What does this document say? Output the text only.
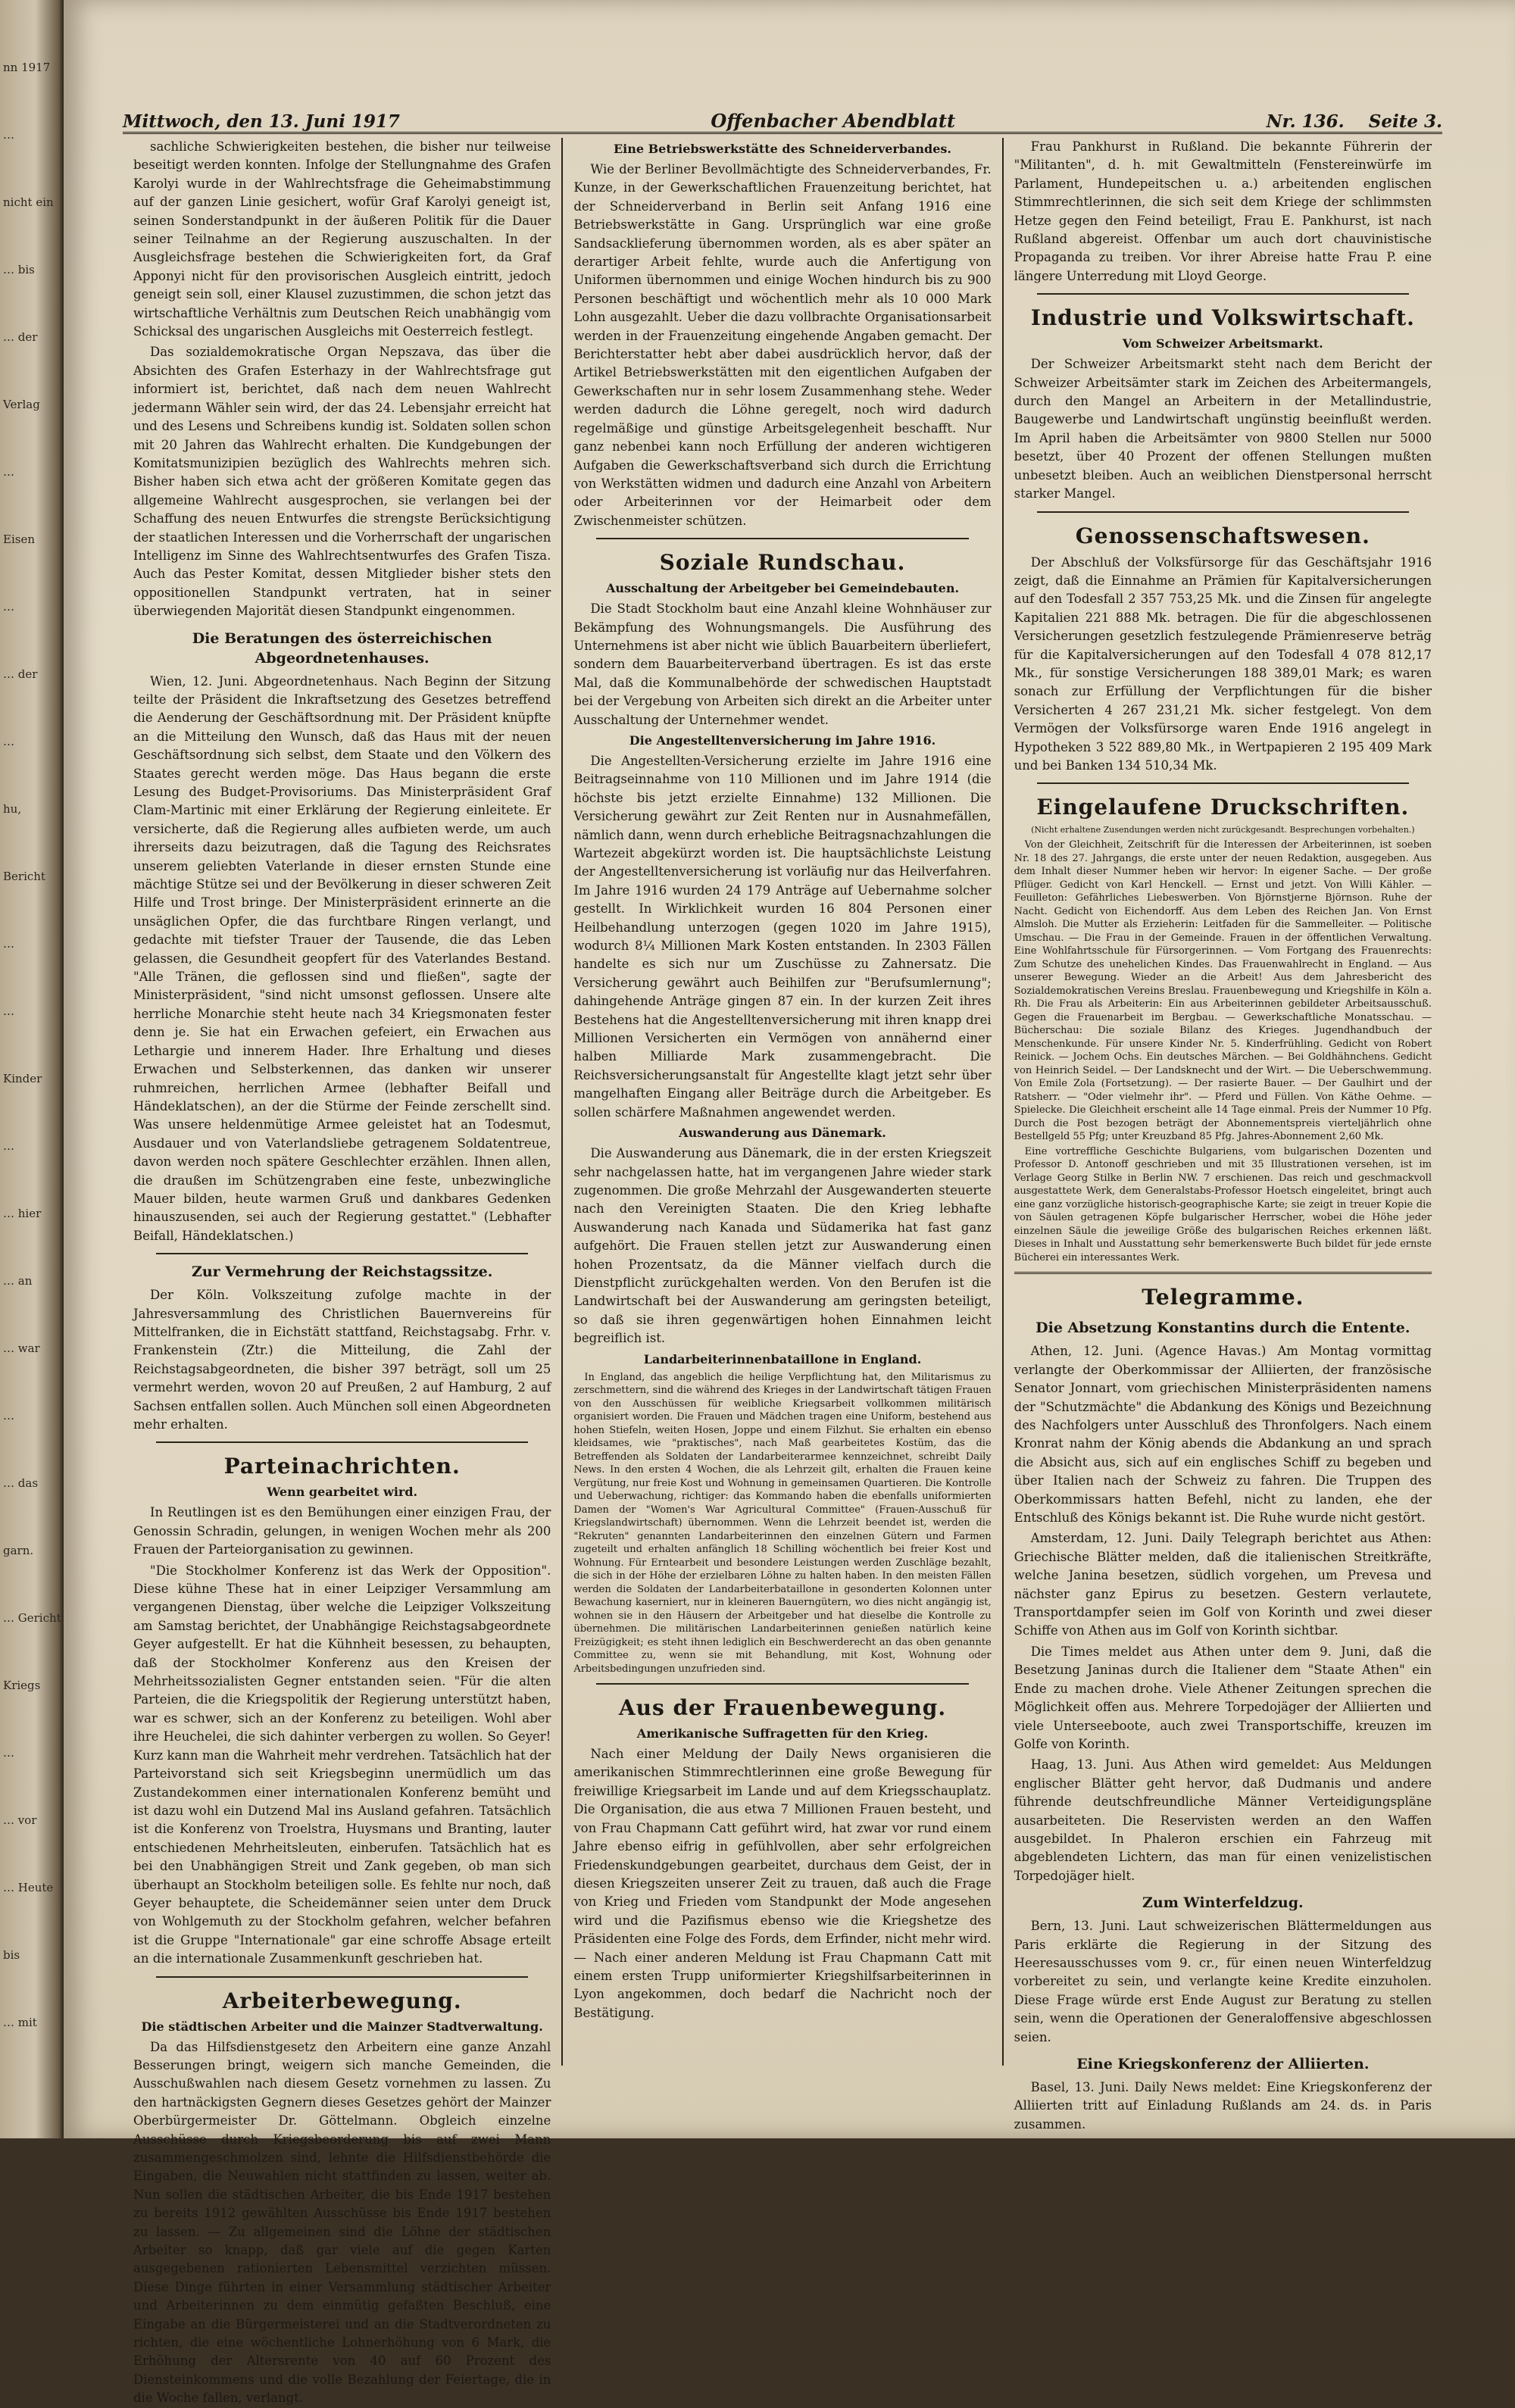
nn 1917
…
nicht ein
… bis
… der
Verlag
…
Eisen
…
… der
…
hu,
Bericht
…
…
Kinder
…
… hier
… an
… war
…
… das
garn.
… Gericht
Kriegs
…
… vor
… Heute
bis
… mit
Mittwoch, den 13. Juni 1917	Offenbacher Abendblatt	Nr. 136. Seite 3.

sachliche Schwierigkeiten bestehen, die bisher nur teilweise beseitigt werden konnten. Infolge der Stellungnahme des Grafen Karolyi wurde in der Wahlrechtsfrage die Geheimabstimmung auf der ganzen Linie gesichert, wofür Graf Karolyi geneigt ist, seinen Sonderstandpunkt in der äußeren Politik für die Dauer seiner Teilnahme an der Regierung auszuschalten. In der Ausgleichsfrage bestehen die Schwierigkeiten fort, da Graf Apponyi nicht für den provisorischen Ausgleich eintritt, jedoch geneigt sein soll, einer Klausel zuzustimmen, die schon jetzt das wirtschaftliche Verhältnis zum Deutschen Reich unabhängig vom Schicksal des ungarischen Ausgleichs mit Oesterreich festlegt.

Das sozialdemokratische Organ Nepszava, das über die Absichten des Grafen Esterhazy in der Wahlrechtsfrage gut informiert ist, berichtet, daß nach dem neuen Wahlrecht jedermann Wähler sein wird, der das 24. Lebensjahr erreicht hat und des Lesens und Schreibens kundig ist. Soldaten sollen schon mit 20 Jahren das Wahlrecht erhalten. Die Kundgebungen der Komitatsmunizipien bezüglich des Wahlrechts mehren sich. Bisher haben sich etwa acht der größeren Komitate gegen das allgemeine Wahlrecht ausgesprochen, sie verlangen bei der Schaffung des neuen Entwurfes die strengste Berücksichtigung der staatlichen Interessen und die Vorherrschaft der ungarischen Intelligenz im Sinne des Wahlrechtsentwurfes des Grafen Tisza. Auch das Pester Komitat, dessen Mitglieder bisher stets den oppositionellen Standpunkt vertraten, hat in seiner überwiegenden Majorität diesen Standpunkt eingenommen.

Die Beratungen des österreichischen Abgeordnetenhauses.

Wien, 12. Juni. Abgeordnetenhaus. Nach Beginn der Sitzung teilte der Präsident die Inkraftsetzung des Gesetzes betreffend die Aenderung der Geschäftsordnung mit. Der Präsident knüpfte an die Mitteilung den Wunsch, daß das Haus mit der neuen Geschäftsordnung sich selbst, dem Staate und den Völkern des Staates gerecht werden möge. Das Haus begann die erste Lesung des Budget-Provisoriums. Das Ministerpräsident Graf Clam-Martinic mit einer Erklärung der Regierung einleitete. Er versicherte, daß die Regierung alles aufbieten werde, um auch ihrerseits dazu beizutragen, daß die Tagung des Reichsrates unserem geliebten Vaterlande in dieser ernsten Stunde eine mächtige Stütze sei und der Bevölkerung in dieser schweren Zeit Hilfe und Trost bringe. Der Ministerpräsident erinnerte an die unsäglichen Opfer, die das furchtbare Ringen verlangt, und gedachte mit tiefster Trauer der Tausende, die das Leben gelassen, die Gesundheit geopfert für des Vaterlandes Bestand. "Alle Tränen, die geflossen sind und fließen", sagte der Ministerpräsident, "sind nicht umsonst geflossen. Unsere alte herrliche Monarchie steht heute nach 34 Kriegsmonaten fester denn je. Sie hat ein Erwachen gefeiert, ein Erwachen aus Lethargie und innerem Hader. Ihre Erhaltung und dieses Erwachen und Selbsterkennen, das danken wir unserer ruhmreichen, herrlichen Armee (lebhafter Beifall und Händeklatschen), an der die Stürme der Feinde zerschellt sind. Was unsere heldenmütige Armee geleistet hat an Todesmut, Ausdauer und von Vaterlandsliebe getragenem Soldatentreue, davon werden noch spätere Geschlechter erzählen. Ihnen allen, die draußen im Schützengraben eine feste, unbezwingliche Mauer bilden, heute warmen Gruß und dankbares Gedenken hinauszusenden, sei auch der Regierung gestattet." (Lebhafter Beifall, Händeklatschen.)

Zur Vermehrung der Reichstagssitze.

Der Köln. Volkszeitung zufolge machte in der Jahresversammlung des Christlichen Bauernvereins für Mittelfranken, die in Eichstätt stattfand, Reichstagsabg. Frhr. v. Frankenstein (Ztr.) die Mitteilung, die Zahl der Reichstagsabgeordneten, die bisher 397 beträgt, soll um 25 vermehrt werden, wovon 20 auf Preußen, 2 auf Hamburg, 2 auf Sachsen entfallen sollen. Auch München soll einen Abgeordneten mehr erhalten.

Parteinachrichten.
Wenn gearbeitet wird.

In Reutlingen ist es den Bemühungen einer einzigen Frau, der Genossin Schradin, gelungen, in wenigen Wochen mehr als 200 Frauen der Parteiorganisation zu gewinnen.

"Die Stockholmer Konferenz ist das Werk der Opposition". Diese kühne These hat in einer Leipziger Versammlung am vergangenen Dienstag, über welche die Leipziger Volkszeitung am Samstag berichtet, der Unabhängige Reichstagsabgeordnete Geyer aufgestellt. Er hat die Kühnheit besessen, zu behaupten, daß der Stockholmer Konferenz aus den Kreisen der Mehrheitssozialisten Gegner entstanden seien. "Für die alten Parteien, die die Kriegspolitik der Regierung unterstützt haben, war es schwer, sich an der Konferenz zu beteiligen. Wohl aber ihre Heuchelei, die sich dahinter verbergen zu wollen. So Geyer! Kurz kann man die Wahrheit mehr verdrehen. Tatsächlich hat der Parteivorstand sich seit Kriegsbeginn unermüdlich um das Zustandekommen einer internationalen Konferenz bemüht und ist dazu wohl ein Dutzend Mal ins Ausland gefahren. Tatsächlich ist die Konferenz von Troelstra, Huysmans und Branting, lauter entschiedenen Mehrheitsleuten, einberufen. Tatsächlich hat es bei den Unabhängigen Streit und Zank gegeben, ob man sich überhaupt an Stockholm beteiligen solle. Es fehlte nur noch, daß Geyer behauptete, die Scheidemänner seien unter dem Druck von Wohlgemuth zu der Stockholm gefahren, welcher befahren ist die Gruppe "Internationale" gar eine schroffe Absage erteilt an die internationale Zusammenkunft geschrieben hat.

Arbeiterbewegung.
Die städtischen Arbeiter und die Mainzer Stadtverwaltung.

Da das Hilfsdienstgesetz den Arbeitern eine ganze Anzahl Besserungen bringt, weigern sich manche Gemeinden, die Ausschußwahlen nach diesem Gesetz vornehmen zu lassen. Zu den hartnäckigsten Gegnern dieses Gesetzes gehört der Mainzer Oberbürgermeister Dr. Göttelmann. Obgleich einzelne Ausschüsse durch Kriegsbeorderung bis auf zwei Mann zusammengeschmolzen sind, lehnte die Hilfsdienstbehörde die Eingaben, die Neuwahlen nicht stattfinden zu lassen, weiter ab. Nun sollen die städtischen Arbeiter, die bis Ende 1917 bestehen zu bereits 1912 gewählten Ausschüsse bis Ende 1917 bestehen zu lassen. — Zu allgemeinen sind die Löhne der städtischen Arbeiter so knapp, daß gar viele auf die gegen Karten ausgegebenen rationierten Lebensmittel verzichten müssen. Diese Dinge führten in einer Versammlung städtischer Arbeiter und Arbeiterinnen zu dem einmütig gefaßten Beschluß, eine Eingabe an die Bürgermeisterei und an die Stadtverordneten zu richten, die eine wöchentliche Lohnerhöhung von 6 Mark, die Erhöhung der Altersrente von 40 auf 60 Prozent des Diensteinkommens und die volle Bezahlung der Feiertage, die in die Woche fallen, verlangt.

Eine Betriebswerkstätte des Schneiderverbandes.

Wie der Berliner Bevollmächtigte des Schneiderverbandes, Fr. Kunze, in der Gewerkschaftlichen Frauenzeitung berichtet, hat der Schneiderverband in Berlin seit Anfang 1916 eine Betriebswerkstätte in Gang. Ursprünglich war eine große Sandsacklieferung übernommen worden, als es aber später an derartiger Arbeit fehlte, wurde auch die Anfertigung von Uniformen übernommen und einige Wochen hindurch bis zu 900 Personen beschäftigt und wöchentlich mehr als 10 000 Mark Lohn ausgezahlt. Ueber die dazu vollbrachte Organisationsarbeit werden in der Frauenzeitung eingehende Angaben gemacht. Der Berichterstatter hebt aber dabei ausdrücklich hervor, daß der Artikel Betriebswerkstätten mit den eigentlichen Aufgaben der Gewerkschaften nur in sehr losem Zusammenhang stehe. Weder werden dadurch die Löhne geregelt, noch wird dadurch regelmäßige und günstige Arbeitsgelegenheit beschafft. Nur ganz nebenbei kann noch Erfüllung der anderen wichtigeren Aufgaben die Gewerkschaftsverband sich durch die Errichtung von Werkstätten widmen und dadurch eine Anzahl von Arbeitern oder Arbeiterinnen vor der Heimarbeit oder dem Zwischenmeister schützen.

Soziale Rundschau.
Ausschaltung der Arbeitgeber bei Gemeindebauten.

Die Stadt Stockholm baut eine Anzahl kleine Wohnhäuser zur Bekämpfung des Wohnungsmangels. Die Ausführung des Unternehmens ist aber nicht wie üblich Bauarbeitern überliefert, sondern dem Bauarbeiterverband übertragen. Es ist das erste Mal, daß die Kommunalbehörde der schwedischen Hauptstadt bei der Vergebung von Arbeiten sich direkt an die Arbeiter unter Ausschaltung der Unternehmer wendet.

Die Angestelltenversicherung im Jahre 1916.

Die Angestellten-Versicherung erzielte im Jahre 1916 eine Beitragseinnahme von 110 Millionen und im Jahre 1914 (die höchste bis jetzt erzielte Einnahme) 132 Millionen. Die Versicherung gewährt zur Zeit Renten nur in Ausnahmefällen, nämlich dann, wenn durch erhebliche Beitragsnachzahlungen die Wartezeit abgekürzt worden ist. Die hauptsächlichste Leistung der Angestelltenversicherung ist vorläufig nur das Heilverfahren. Im Jahre 1916 wurden 24 179 Anträge auf Uebernahme solcher gestellt. In Wirklichkeit wurden 16 804 Personen einer Heilbehandlung unterzogen (gegen 1020 im Jahre 1915), wodurch 8¼ Millionen Mark Kosten entstanden. In 2303 Fällen handelte es sich nur um Zuschüsse zu Zahnersatz. Die Versicherung gewährt auch Beihilfen zur "Berufsumlernung"; dahingehende Anträge gingen 87 ein. In der kurzen Zeit ihres Bestehens hat die Angestelltenversicherung mit ihren knapp drei Millionen Versicherten ein Vermögen von annähernd einer halben Milliarde Mark zusammengebracht. Die Reichsversicherungsanstalt für Angestellte klagt jetzt sehr über mangelhaften Eingang aller Beiträge durch die Arbeitgeber. Es sollen schärfere Maßnahmen angewendet werden.

Auswanderung aus Dänemark.

Die Auswanderung aus Dänemark, die in der ersten Kriegszeit sehr nachgelassen hatte, hat im vergangenen Jahre wieder stark zugenommen. Die große Mehrzahl der Ausgewanderten steuerte nach den Vereinigten Staaten. Die den Krieg lebhafte Auswanderung nach Kanada und Südamerika hat fast ganz aufgehört. Die Frauen stellen jetzt zur Auswanderung einen hohen Prozentsatz, da die Männer vielfach durch die Dienstpflicht zurückgehalten werden. Von den Berufen ist die Landwirtschaft bei der Auswanderung am geringsten beteiligt, so daß sie ihren gegenwärtigen hohen Einnahmen leicht begreiflich ist.

Landarbeiterinnenbataillone in England.

In England, das angeblich die heilige Verpflichtung hat, den Militarismus zu zerschmettern, sind die während des Krieges in der Landwirtschaft tätigen Frauen von den Ausschüssen für weibliche Kriegsarbeit vollkommen militärisch organisiert worden. Die Frauen und Mädchen tragen eine Uniform, bestehend aus hohen Stiefeln, weiten Hosen, Joppe und einem Filzhut. Sie erhalten ein ebenso kleidsames, wie "praktisches", nach Maß gearbeitetes Kostüm, das die Betreffenden als Soldaten der Landarbeiterarmee kennzeichnet, schreibt Daily News. In den ersten 4 Wochen, die als Lehrzeit gilt, erhalten die Frauen keine Vergütung, nur freie Kost und Wohnung in gemeinsamen Quartieren. Die Kontrolle und Ueberwachung, richtiger: das Kommando haben die ebenfalls uniformierten Damen der "Women's War Agricultural Committee" (Frauen-Ausschuß für Kriegslandwirtschaft) übernommen. Wenn die Lehrzeit beendet ist, werden die "Rekruten" genannten Landarbeiterinnen den einzelnen Gütern und Farmen zugeteilt und erhalten anfänglich 18 Schilling wöchentlich bei freier Kost und Wohnung. Für Erntearbeit und besondere Leistungen werden Zuschläge bezahlt, die sich in der Höhe der erzielbaren Löhne zu halten haben. In den meisten Fällen werden die Soldaten der Landarbeiterbataillone in gesonderten Kolonnen unter Bewachung kaserniert, nur in kleineren Bauerngütern, wo dies nicht angängig ist, wohnen sie in den Häusern der Arbeitgeber und hat dieselbe die Kontrolle zu übernehmen. Die militärischen Landarbeiterinnen genießen natürlich keine Freizügigkeit; es steht ihnen lediglich ein Beschwerderecht an das oben genannte Committee zu, wenn sie mit Behandlung, mit Kost, Wohnung oder Arbeitsbedingungen unzufrieden sind.

Aus der Frauenbewegung.
Amerikanische Suffragetten für den Krieg.

Nach einer Meldung der Daily News organisieren die amerikanischen Stimmrechtlerinnen eine große Bewegung für freiwillige Kriegsarbeit im Lande und auf dem Kriegsschauplatz. Die Organisation, die aus etwa 7 Millionen Frauen besteht, und von Frau Chapmann Catt geführt wird, hat zwar vor rund einem Jahre ebenso eifrig in gefühlvollen, aber sehr erfolgreichen Friedenskundgebungen gearbeitet, durchaus dem Geist, der in diesen Kriegszeiten unserer Zeit zu trauen, daß auch die Frage von Krieg und Frieden vom Standpunkt der Mode angesehen wird und die Pazifismus ebenso wie die Kriegshetze des Präsidenten eine Folge des Fords, dem Erfinder, nicht mehr wird. — Nach einer anderen Meldung ist Frau Chapmann Catt mit einem ersten Trupp uniformierter Kriegshilfsarbeiterinnen in Lyon angekommen, doch bedarf die Nachricht noch der Bestätigung.

Frau Pankhurst in Rußland. Die bekannte Führerin der "Militanten", d. h. mit Gewaltmitteln (Fenstereinwürfe im Parlament, Hundepeitschen u. a.) arbeitenden englischen Stimmrechtlerinnen, die sich seit dem Kriege der schlimmsten Hetze gegen den Feind beteiligt, Frau E. Pankhurst, ist nach Rußland abgereist. Offenbar um auch dort chauvinistische Propaganda zu treiben. Vor ihrer Abreise hatte Frau P. eine längere Unterredung mit Lloyd George.

Industrie und Volkswirtschaft.
Vom Schweizer Arbeitsmarkt.

Der Schweizer Arbeitsmarkt steht nach dem Bericht der Schweizer Arbeitsämter stark im Zeichen des Arbeitermangels, durch den Mangel an Arbeitern in der Metallindustrie, Baugewerbe und Landwirtschaft ungünstig beeinflußt werden. Im April haben die Arbeitsämter von 9800 Stellen nur 5000 besetzt, über 40 Prozent der offenen Stellungen mußten unbesetzt bleiben. Auch an weiblichen Dienstpersonal herrscht starker Mangel.

Genossenschaftswesen.

Der Abschluß der Volksfürsorge für das Geschäftsjahr 1916 zeigt, daß die Einnahme an Prämien für Kapitalversicherungen auf den Todesfall 2 357 753,25 Mk. und die Zinsen für angelegte Kapitalien 221 888 Mk. betragen. Die für die abgeschlossenen Versicherungen gesetzlich festzulegende Prämienreserve beträg für die Kapitalversicherungen auf den Todesfall 4 078 812,17 Mk., für sonstige Versicherungen 188 389,01 Mark; es waren sonach zur Erfüllung der Verpflichtungen für die bisher Versicherten 4 267 231,21 Mk. sicher festgelegt. Von dem Vermögen der Volksfürsorge waren Ende 1916 angelegt in Hypotheken 3 522 889,80 Mk., in Wertpapieren 2 195 409 Mark und bei Banken 134 510,34 Mk.

Eingelaufene Druckschriften.
(Nicht erhaltene Zusendungen werden nicht zurückgesandt. Besprechungen vorbehalten.)

Von der Gleichheit, Zeitschrift für die Interessen der Arbeiterinnen, ist soeben Nr. 18 des 27. Jahrgangs, die erste unter der neuen Redaktion, ausgegeben. Aus dem Inhalt dieser Nummer heben wir hervor: In eigener Sache. — Der große Pflüger. Gedicht von Karl Henckell. — Ernst und jetzt. Von Willi Kähler. — Feuilleton: Gefährliches Liebeswerben. Von Björnstjerne Björnson. Ruhe der Nacht. Gedicht von Eichendorff. Aus dem Leben des Reichen Jan. Von Ernst Almsloh. Die Mutter als Erzieherin: Leitfaden für die Sammelleiter. — Politische Umschau. — Die Frau in der Gemeinde. Frauen in der öffentlichen Verwaltung. Eine Wohlfahrtsschule für Fürsorgerinnen. — Vom Fortgang des Frauenrechts: Zum Schutze des unehelichen Kindes. Das Frauenwahlrecht in England. — Aus unserer Bewegung. Wieder an die Arbeit! Aus dem Jahresbericht des Sozialdemokratischen Vereins Breslau. Frauenbewegung und Kriegshilfe in Köln a. Rh. Die Frau als Arbeiterin: Ein aus Arbeiterinnen gebildeter Arbeitsausschuß. Gegen die Frauenarbeit im Bergbau. — Gewerkschaftliche Monatsschau. — Bücherschau: Die soziale Bilanz des Krieges. Jugendhandbuch der Menschenkunde. Für unsere Kinder Nr. 5. Kinderfrühling. Gedicht von Robert Reinick. — Jochem Ochs. Ein deutsches Märchen. — Bei Goldhähnchens. Gedicht von Heinrich Seidel. — Der Landsknecht und der Wirt. — Die Ueberschwemmung. Von Emile Zola (Fortsetzung). — Der rasierte Bauer. — Der Gaulhirt und der Ratsherr. — "Oder vielmehr ihr". — Pferd und Füllen. Von Käthe Oehme. — Spielecke. Die Gleichheit erscheint alle 14 Tage einmal. Preis der Nummer 10 Pfg. Durch die Post bezogen beträgt der Abonnementspreis vierteljährlich ohne Bestellgeld 55 Pfg; unter Kreuzband 85 Pfg. Jahres-Abonnement 2,60 Mk.

Eine vortreffliche Geschichte Bulgariens, vom bulgarischen Dozenten und Professor D. Antonoff geschrieben und mit 35 Illustrationen versehen, ist im Verlage Georg Stilke in Berlin NW. 7 erschienen. Das reich und geschmackvoll ausgestattete Werk, dem Generalstabs-Professor Hoetsch eingeleitet, bringt auch eine ganz vorzügliche historisch-geographische Karte; sie zeigt in treuer Kopie die von Säulen getragenen Köpfe bulgarischer Herrscher, wobei die Höhe jeder einzelnen Säule die jeweilige Größe des bulgarischen Reiches erkennen läßt. Dieses in Inhalt und Ausstattung sehr bemerkenswerte Buch bildet für jede ernste Bücherei ein interessantes Werk.

Telegramme.
Die Absetzung Konstantins durch die Entente.

Athen, 12. Juni. (Agence Havas.) Am Montag vormittag verlangte der Oberkommissar der Alliierten, der französische Senator Jonnart, vom griechischen Ministerpräsidenten namens der "Schutzmächte" die Abdankung des Königs und Bezeichnung des Nachfolgers unter Ausschluß des Thronfolgers. Nach einem Kronrat nahm der König abends die Abdankung an und sprach die Absicht aus, sich auf ein englisches Schiff zu begeben und über Italien nach der Schweiz zu fahren. Die Truppen des Oberkommissars hatten Befehl, nicht zu landen, ehe der Entschluß des Königs bekannt ist. Die Ruhe wurde nicht gestört.

Amsterdam, 12. Juni. Daily Telegraph berichtet aus Athen: Griechische Blätter melden, daß die italienischen Streitkräfte, welche Janina besetzen, südlich vorgehen, um Prevesa und nächster ganz Epirus zu besetzen. Gestern verlautete, Transportdampfer seien im Golf von Korinth und zwei dieser Schiffe von Athen aus im Golf von Korinth sichtbar.

Die Times meldet aus Athen unter dem 9. Juni, daß die Besetzung Janinas durch die Italiener dem "Staate Athen" ein Ende zu machen drohe. Viele Athener Zeitungen sprechen die Möglichkeit offen aus. Mehrere Torpedojäger der Alliierten und viele Unterseeboote, auch zwei Transportschiffe, kreuzen im Golfe von Korinth.

Haag, 13. Juni. Aus Athen wird gemeldet: Aus Meldungen englischer Blätter geht hervor, daß Dudmanis und andere führende deutschfreundliche Männer Verteidigungspläne ausarbeiteten. Die Reservisten werden an den Waffen ausgebildet. In Phaleron erschien ein Fahrzeug mit abgeblendeten Lichtern, das man für einen venizelistischen Torpedojäger hielt.

Zum Winterfeldzug.

Bern, 13. Juni. Laut schweizerischen Blättermeldungen aus Paris erklärte die Regierung in der Sitzung des Heeresausschusses vom 9. cr., für einen neuen Winterfeldzug vorbereitet zu sein, und verlangte keine Kredite einzuholen. Diese Frage würde erst Ende August zur Beratung zu stellen sein, wenn die Operationen der Generaloffensive abgeschlossen seien.

Eine Kriegskonferenz der Alliierten.

Basel, 13. Juni. Daily News meldet: Eine Kriegskonferenz der Alliierten tritt auf Einladung Rußlands am 24. ds. in Paris zusammen.
